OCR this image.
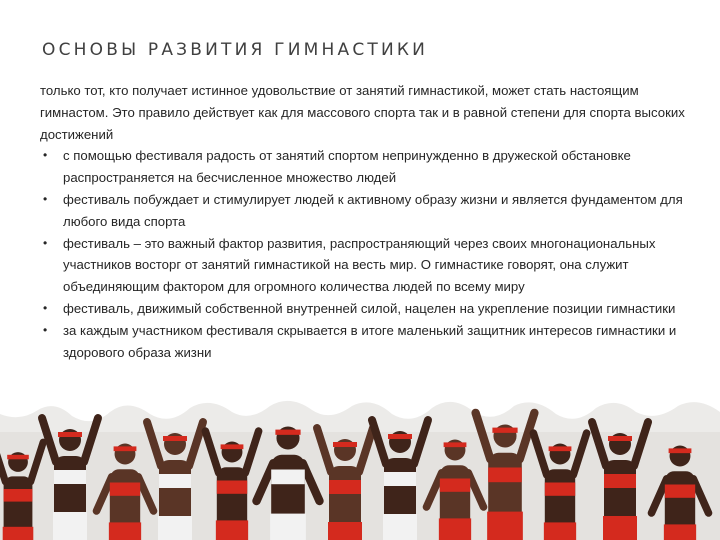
ОСНОВЫ РАЗВИТИЯ ГИМНАСТИКИ

только тот, кто получает истинное удовольствие от занятий гимнастикой, может стать настоящим гимнастом. Это правило действует как для массового спорта так и в равной степени для спорта высоких достижений

• с помощью фестиваля радость от занятий спортом непринужденно в дружеской обстановке распространяется на бесчисленное множество людей
• фестиваль побуждает и стимулирует людей к активному образу жизни и является фундаментом для любого вида спорта
• фестиваль – это важный фактор развития, распространяющий через своих многонациональных участников восторг от занятий гимнастикой на весть мир. О гимнастике говорят, она служит объединяющим фактором для огромного количества людей по всему миру
• фестиваль, движимый собственной внутренней силой, нацелен на укрепление позиции гимнастики
• за каждым участником фестиваля скрывается в итоге маленький защитник интересов гимнастики и здорового образа жизни
